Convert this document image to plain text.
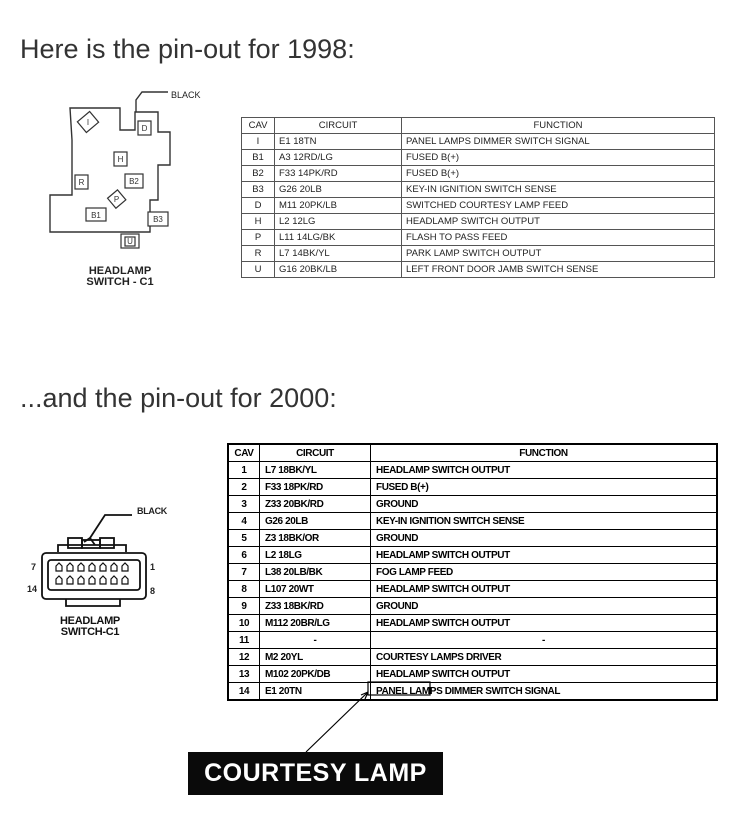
Here is the pin-out for 1998:
...and the pin-out for 2000:
I
D
H
R	B2
P
B1	B3
U
BLACK
HEADLAMP
SWITCH - C1
CAV	CIRCUIT	FUNCTION
I	E1 18TN	PANEL LAMPS DIMMER SWITCH SIGNAL
B1	A3 12RD/LG	FUSED B(+)
B2	F33 14PK/RD	FUSED B(+)
B3	G26 20LB	KEY-IN IGNITION SWITCH SENSE
D	M11 20PK/LB	SWITCHED COURTESY LAMP FEED
H	L2 12LG	HEADLAMP SWITCH OUTPUT
P	L11 14LG/BK	FLASH TO PASS FEED
R	L7 14BK/YL	PARK LAMP SWITCH OUTPUT
U	G16 20BK/LB	LEFT FRONT DOOR JAMB SWITCH SENSE
BLACK
7	1
14	8
HEADLAMP
SWITCH-C1
CAV	CIRCUIT	FUNCTION
1	L7 18BK/YL	HEADLAMP SWITCH OUTPUT
2	F33 18PK/RD	FUSED B(+)
3	Z33 20BK/RD	GROUND
4	G26 20LB	KEY-IN IGNITION SWITCH SENSE
5	Z3 18BK/OR	GROUND
6	L2 18LG	HEADLAMP SWITCH OUTPUT
7	L38 20LB/BK	FOG LAMP FEED
8	L107 20WT	HEADLAMP SWITCH OUTPUT
9	Z33 18BK/RD	GROUND
10	M112 20BR/LG	HEADLAMP SWITCH OUTPUT
11	-	-
12	M2 20YL	COURTESY LAMPS DRIVER
13	M102 20PK/DB	HEADLAMP SWITCH OUTPUT
14	E1 20TN	PANEL LAMPS DIMMER SWITCH SIGNAL
COURTESY LAMP
